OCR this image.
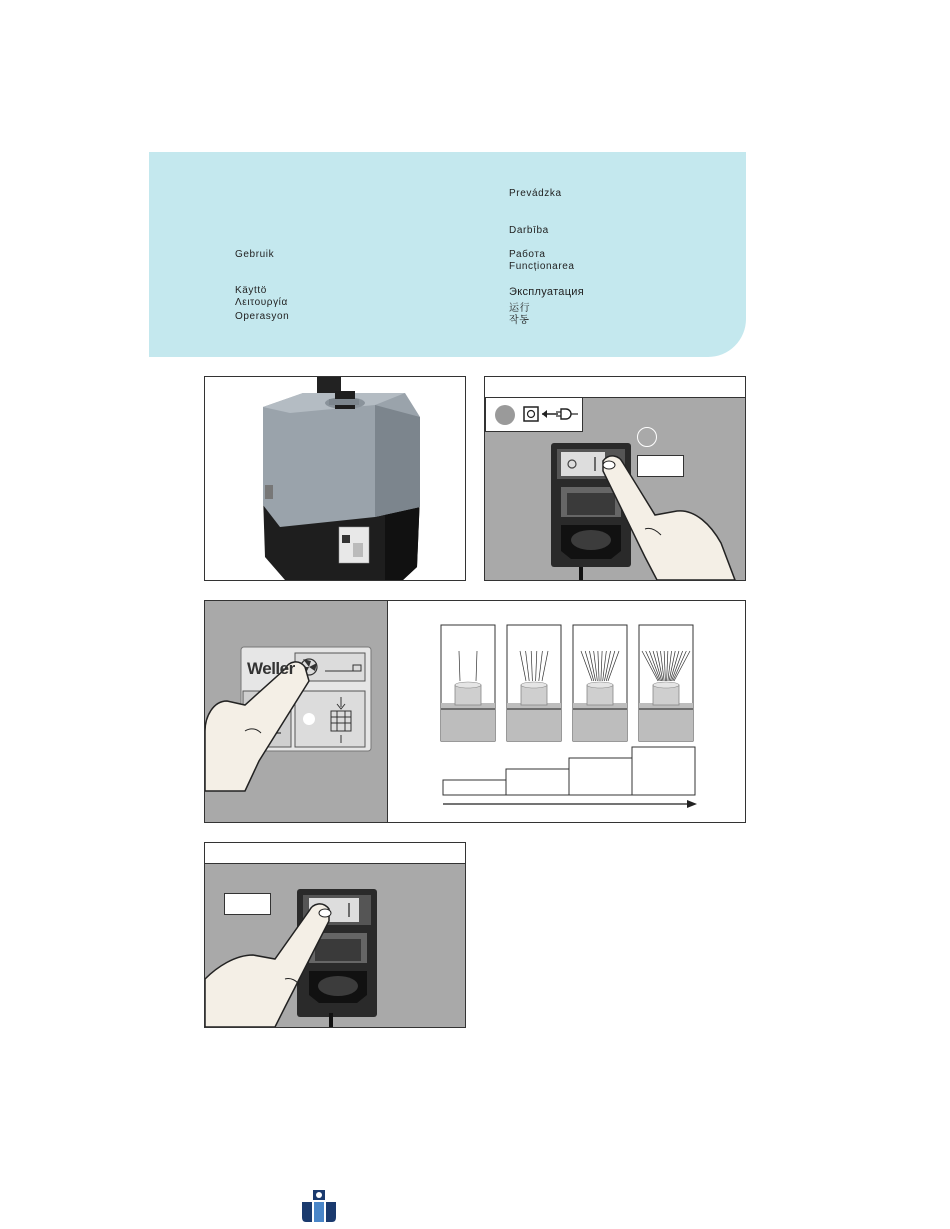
Gebruik
Käyttö
Λειτουργία
Operasyon
Prevádzka
Darbība
Работа
Funcționarea
Эксплуатация
运行
작동
Weller
